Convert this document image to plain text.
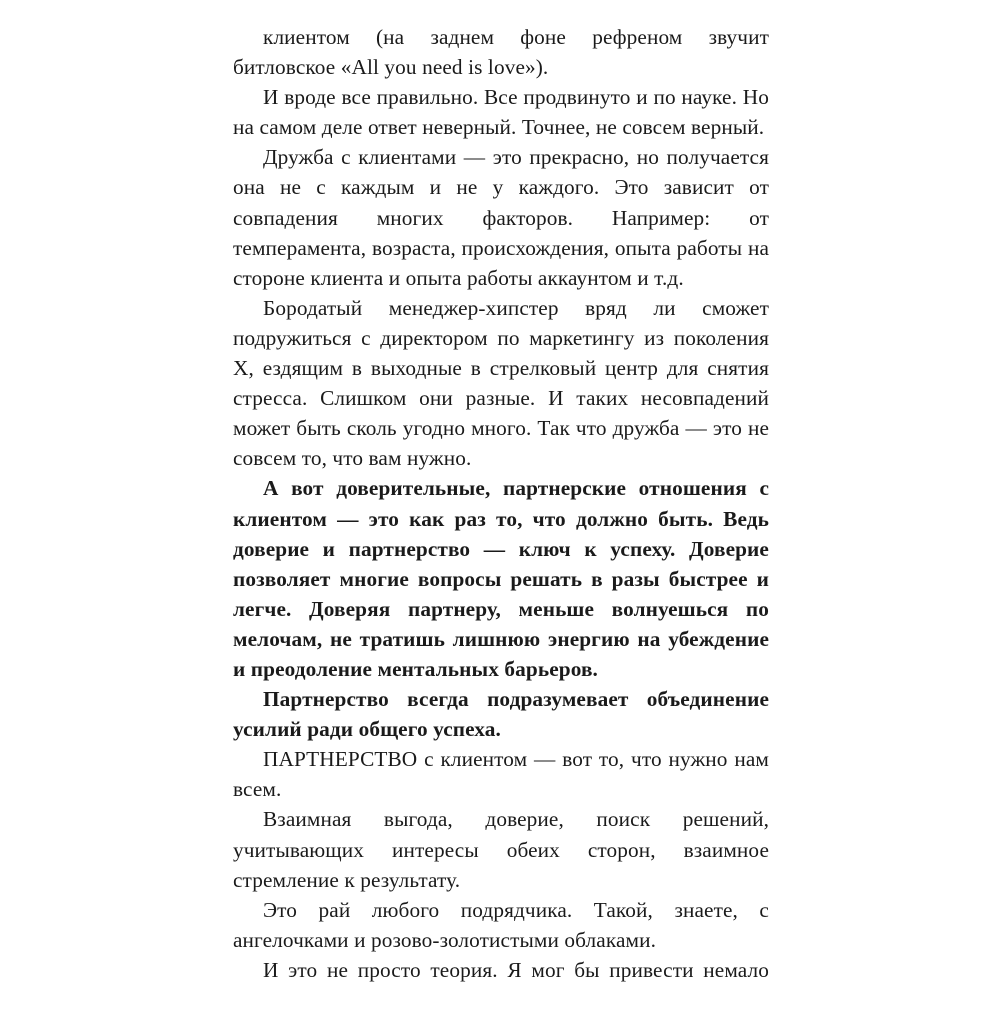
клиентом (на заднем фоне рефреном звучит битловское «All you need is love»).

И вроде все правильно. Все продвинуто и по науке. Но на самом деле ответ неверный. Точнее, не совсем верный.

Дружба с клиентами — это прекрасно, но получается она не с каждым и не у каждого. Это зависит от совпадения многих факторов. Например: от темперамента, возраста, происхождения, опыта работы на стороне клиента и опыта работы аккаунтом и т.д.

Бородатый менеджер-хипстер вряд ли сможет подружиться с директором по маркетингу из поколения X, ездящим в выходные в стрелковый центр для снятия стресса. Слишком они разные. И таких несовпадений может быть сколь угодно много. Так что дружба — это не совсем то, что вам нужно.

А вот доверительные, партнерские отношения с клиентом — это как раз то, что должно быть. Ведь доверие и партнерство — ключ к успеху. Доверие позволяет многие вопросы решать в разы быстрее и легче. Доверяя партнеру, меньше волнуешься по мелочам, не тратишь лишнюю энергию на убеждение и преодоление ментальных барьеров.

Партнерство всегда подразумевает объединение усилий ради общего успеха.

ПАРТНЕРСТВО с клиентом — вот то, что нужно нам всем.

Взаимная выгода, доверие, поиск решений, учитывающих интересы обеих сторон, взаимное стремление к результату.

Это рай любого подрядчика. Такой, знаете, с ангелочками и розово-золотистыми облаками.

И это не просто теория. Я мог бы привести немало
